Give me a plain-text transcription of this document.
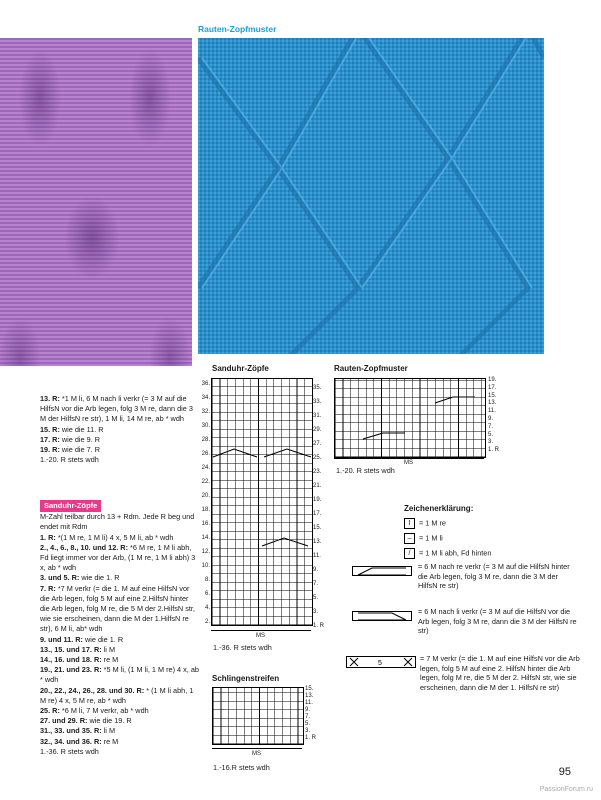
Rauten-Zopfmuster
13. R: *1 M li, 6 M nach li verkr (= 3 M auf die HilfsN vor die Arb legen, folg 3 M re, dann die 3 M der HilfsN re str), 1 M li, 14 M re, ab * wdh
15. R: wie die 11. R
17. R: wie die 9. R
19. R: wie die 7. R
1.-20. R stets wdh
Sanduhr-Zöpfe
M-Zahl teilbar durch 13 + Rdm. Jede R beg und endet mit Rdm
1. R: *(1 M re, 1 M li) 4 x, 5 M li, ab * wdh
2., 4., 6., 8., 10. und 12. R: *6 M re, 1 M li abh, Fd liegt immer vor der Arb, (1 M re, 1 M li abh) 3 x, ab * wdh
3. und 5. R: wie die 1. R
7. R: *7 M verkr (= die 1. M auf eine HilfsN vor die Arb legen, folg 5 M auf eine 2.HilfsN hinter die Arb legen, folg M re, die 5 M der 2.HilfsN str, wie sie erscheinen, dann die M der 1.HilfsN re str), 6 M li, ab* wdh
9. und 11. R: wie die 1. R
13., 15. und 17. R: li M
14., 16. und 18. R: re M
19., 21. und 23. R: *5 M li, (1 M li, 1 M re) 4 x, ab * wdh
20., 22., 24., 26., 28. und 30. R: * (1 M li abh, 1 M re) 4 x, 5 M re, ab * wdh
25. R: *6 M li, 7 M verkr, ab * wdh
27. und 29. R: wie die 19. R
31., 33. und 35. R: li M
32., 34. und 36. R: re M
1.-36. R stets wdh
Sanduhr-Zöpfe
36.
34.
32.
30.
28.
26.
24.
22.
20.
18.
16.
14.
12.
10.
8.
6.
4.
2.
35.
33.
31.
29.
27.
25.
23.
21.
19.
17.
15.
13.
11.
9.
7.
5.
3.
1. R
MS
1.-36. R stets wdh
Rauten-Zopfmuster
19.
17.
15.
13.
11.
9.
7.
5.
3.
1. R
MS
1.-20. R stets wdh
Schlingenstreifen
15.
13.
11.
9.
7.
5.
3.
1. R
MS
1.-16.R stets wdh
Zeichenerklärung:
I = 1 M re
– = 1 M li
/ = 1 M li abh, Fd hinten
= 6 M nach re verkr (= 3 M auf die HilfsN hinter die Arb legen, folg 3 M re, dann die 3 M der HilfsN re str)
= 6 M nach li verkr (= 3 M auf die HilfsN vor die Arb legen, folg 3 M re, dann die 3 M der HilfsN re str)
5
= 7 M verkr (= die 1. M auf eine HilfsN vor die Arb legen, folg 5 M auf eine 2. HilfsN hinter die Arb legen, folg M re, die 5 M der 2. HilfsN str, wie sie erscheinen, dann die M der 1. HilfsN re str)
95
PassionForum.ru
